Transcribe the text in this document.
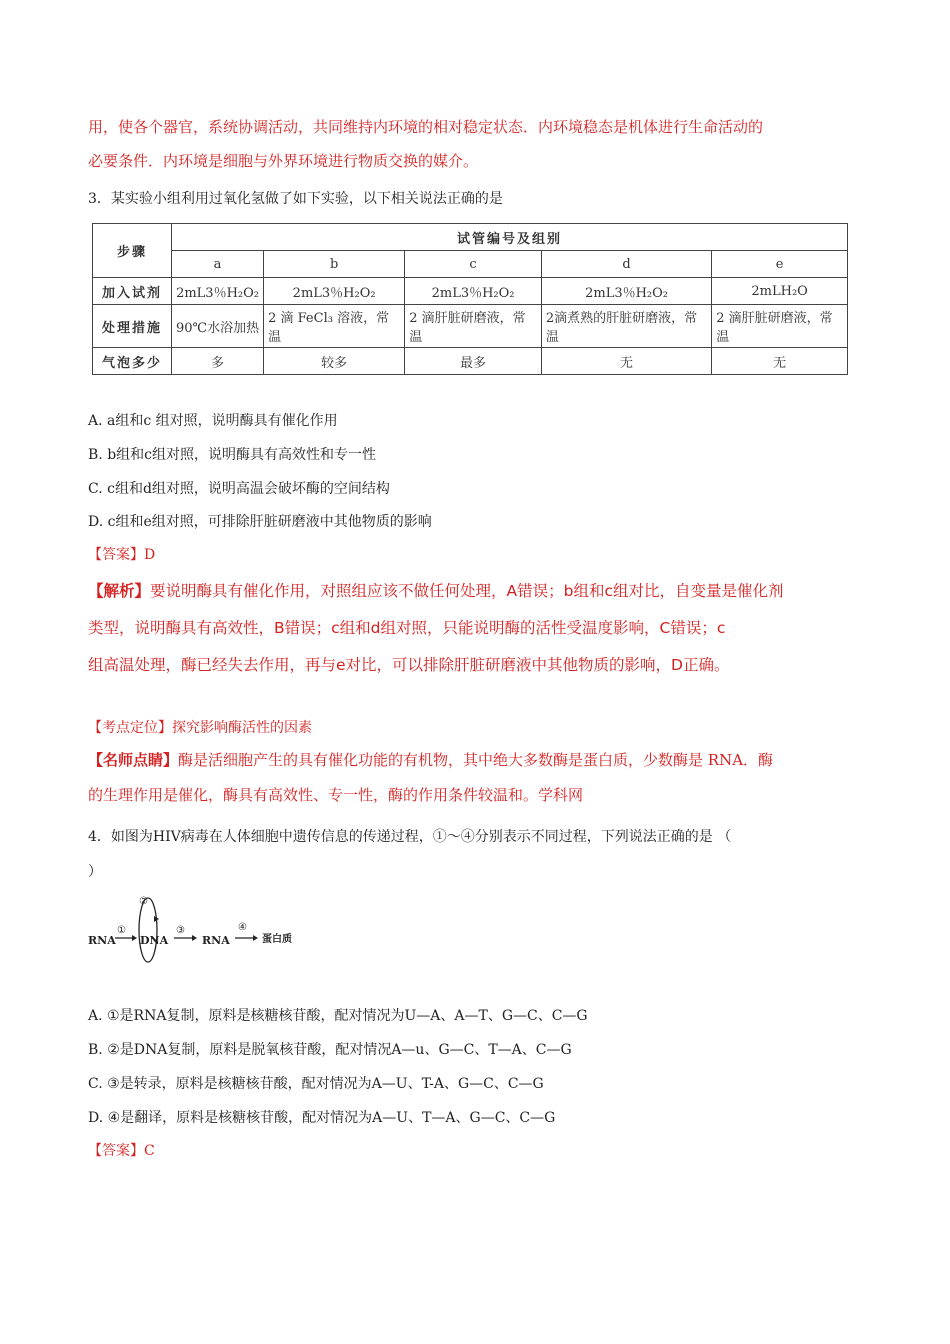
用，使各个器官，系统协调活动，共同维持内环境的相对稳定状态．内环境稳态是机体进行生命活动的
必要条件．内环境是细胞与外界环境进行物质交换的媒介。
3．某实验小组利用过氧化氢做了如下实验，以下相关说法正确的是
步骤	试管编号及组别				
	a	b	c	d	e
加入试剂	2mL3％H₂O₂	2mL3％H₂O₂	2mL3％H₂O₂	2mL3％H₂O₂	2mLH₂O
处理措施	90℃水浴加热	2 滴 FeCl₃ 溶液，常温	2 滴肝脏研磨液，常温	2滴煮熟的肝脏研磨液，常温	2 滴肝脏研磨液，常温
气泡多少	多	较多	最多	无	无
A. a组和c 组对照，说明酶具有催化作用
B. b组和c组对照，说明酶具有高效性和专一性
C. c组和d组对照，说明高温会破坏酶的空间结构
D. c组和e组对照，可排除肝脏研磨液中其他物质的影响
【答案】D
【解析】要说明酶具有催化作用，对照组应该不做任何处理，A错误；b组和c组对比，自变量是催化剂
类型，说明酶具有高效性，B错误；c组和d组对照，只能说明酶的活性受温度影响，C错误；c
组高温处理，酶已经失去作用，再与e对比，可以排除肝脏研磨液中其他物质的影响，D正确。
【考点定位】探究影响酶活性的因素
【名师点睛】酶是活细胞产生的具有催化功能的有机物，其中绝大多数酶是蛋白质，少数酶是 RNA．酶
的生理作用是催化，酶具有高效性、专一性，酶的作用条件较温和。学科网
4．如图为HIV病毒在人体细胞中遗传信息的传递过程，①〜④分别表示不同过程，下列说法正确的是 （
）
RNA
①
②
DNA
③
RNA
④
蛋白质
A. ①是RNA复制，原料是核糖核苷酸，配对情况为U—A、A—T、G—C、C—G
B. ②是DNA复制，原料是脱氧核苷酸，配对情况A—u、G—C、T—A、C—G
C. ③是转录，原料是核糖核苷酸，配对情况为A—U、T-A、G—C、C—G
D. ④是翻译，原料是核糖核苷酸，配对情况为A—U、T—A、G—C、C—G
【答案】C
